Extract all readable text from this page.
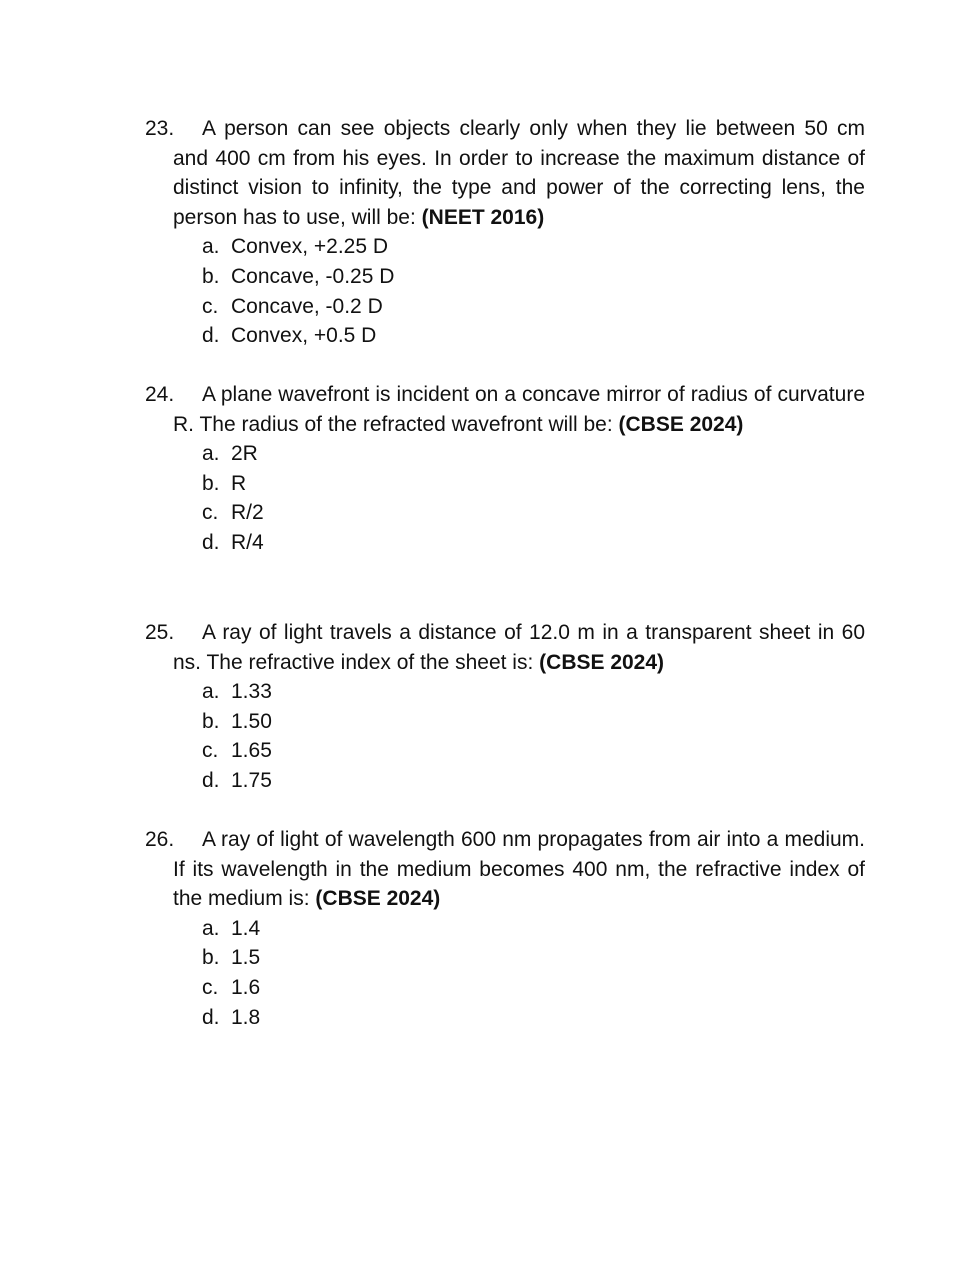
23. A person can see objects clearly only when they lie between 50 cm and 400 cm from his eyes. In order to increase the maximum distance of distinct vision to infinity, the type and power of the correcting lens, the person has to use, will be: (NEET 2016)
a. Convex, +2.25 D
b. Concave, -0.25 D
c. Concave, -0.2 D
d. Convex, +0.5 D
24. A plane wavefront is incident on a concave mirror of radius of curvature R. The radius of the refracted wavefront will be: (CBSE 2024)
a. 2R
b. R
c. R/2
d. R/4
25. A ray of light travels a distance of 12.0 m in a transparent sheet in 60 ns. The refractive index of the sheet is: (CBSE 2024)
a. 1.33
b. 1.50
c. 1.65
d. 1.75
26. A ray of light of wavelength 600 nm propagates from air into a medium. If its wavelength in the medium becomes 400 nm, the refractive index of the medium is: (CBSE 2024)
a. 1.4
b. 1.5
c. 1.6
d. 1.8
